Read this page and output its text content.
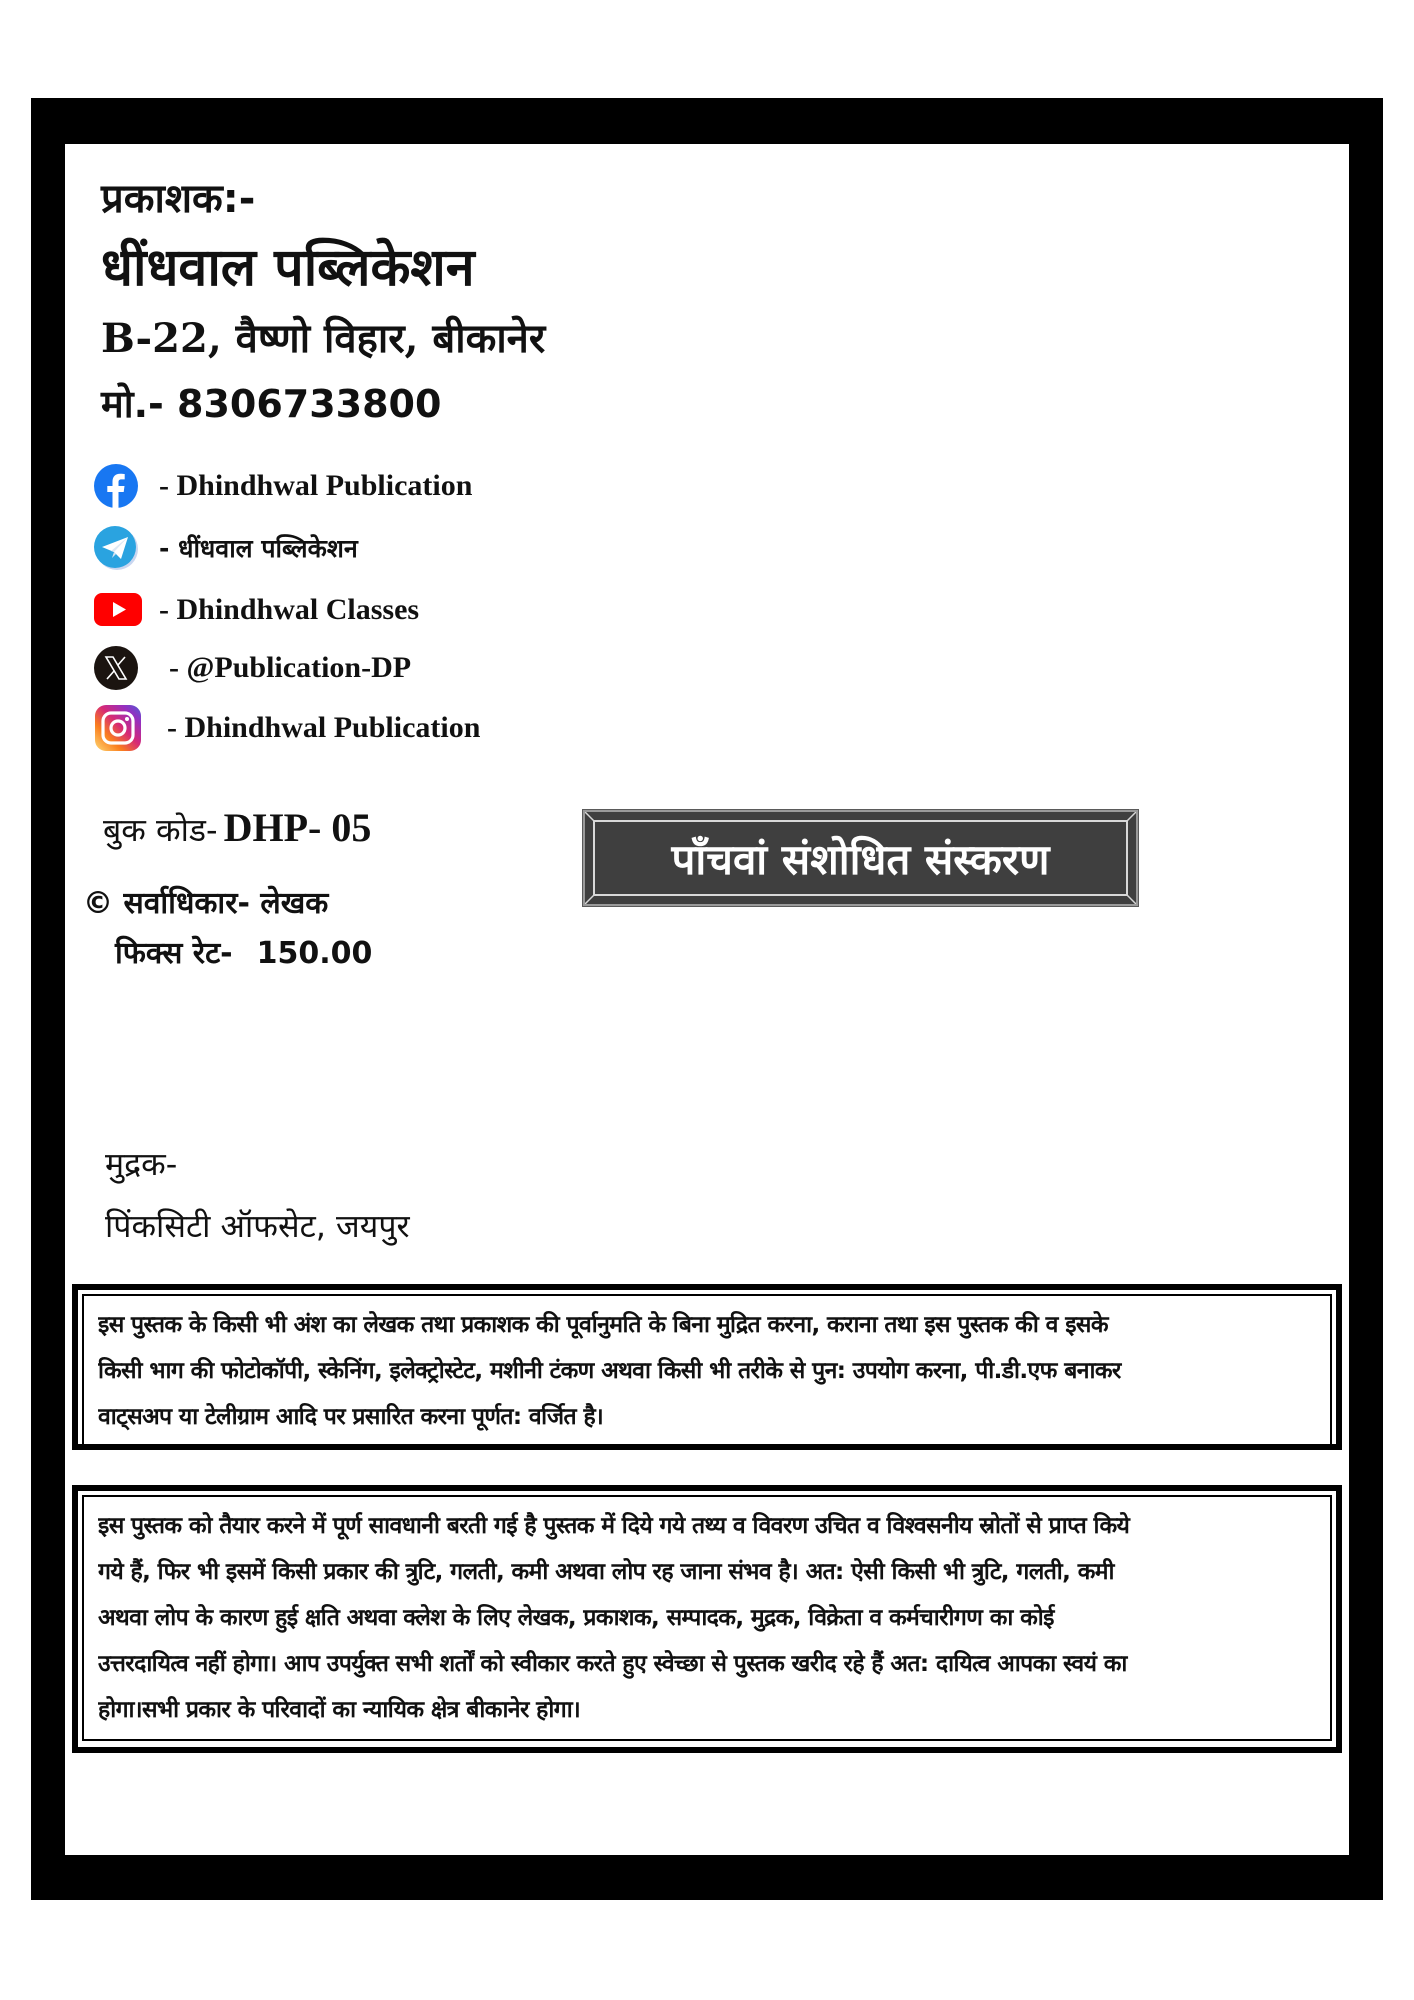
प्रकाशक:-
धींधवाल पब्लिकेशन
B-22, वैष्णो विहार, बीकानेर
मो.- 8306733800
- Dhindhwal Publication
- धींधवाल पब्लिकेशन
- Dhindhwal Classes
- @Publication-DP
- Dhindhwal Publication
बुक कोड- DHP- 05
© सर्वाधिकार- लेखक
फिक्स रेट- 150.00
पाँचवां संशोधित संस्करण
मुद्रक-
पिंकसिटी ऑफसेट, जयपुर
इस पुस्तक के किसी भी अंश का लेखक तथा प्रकाशक की पूर्वानुमति के बिना मुद्रित करना, कराना तथा इस पुस्तक की व इसके
किसी भाग की फोटोकॉपी, स्केनिंग, इलेक्ट्रोस्टेट, मशीनी टंकण अथवा किसी भी तरीके से पुन: उपयोग करना, पी.डी.एफ बनाकर
वाट्सअप या टेलीग्राम आदि पर प्रसारित करना पूर्णत: वर्जित है।
इस पुस्तक को तैयार करने में पूर्ण सावधानी बरती गई है पुस्तक में दिये गये तथ्य व विवरण उचित व विश्वसनीय स्रोतों से प्राप्त किये
गये हैं, फिर भी इसमें किसी प्रकार की त्रुटि, गलती, कमी अथवा लोप रह जाना संभव है। अत: ऐसी किसी भी त्रुटि, गलती, कमी
अथवा लोप के कारण हुई क्षति अथवा क्लेश के लिए लेखक, प्रकाशक, सम्पादक, मुद्रक, विक्रेता व कर्मचारीगण का कोई
उत्तरदायित्व नहीं होगा। आप उपर्युक्त सभी शर्तों को स्वीकार करते हुए स्वेच्छा से पुस्तक खरीद रहे हैं अत: दायित्व आपका स्वयं का
होगा।सभी प्रकार के परिवादों का न्यायिक क्षेत्र बीकानेर होगा।
